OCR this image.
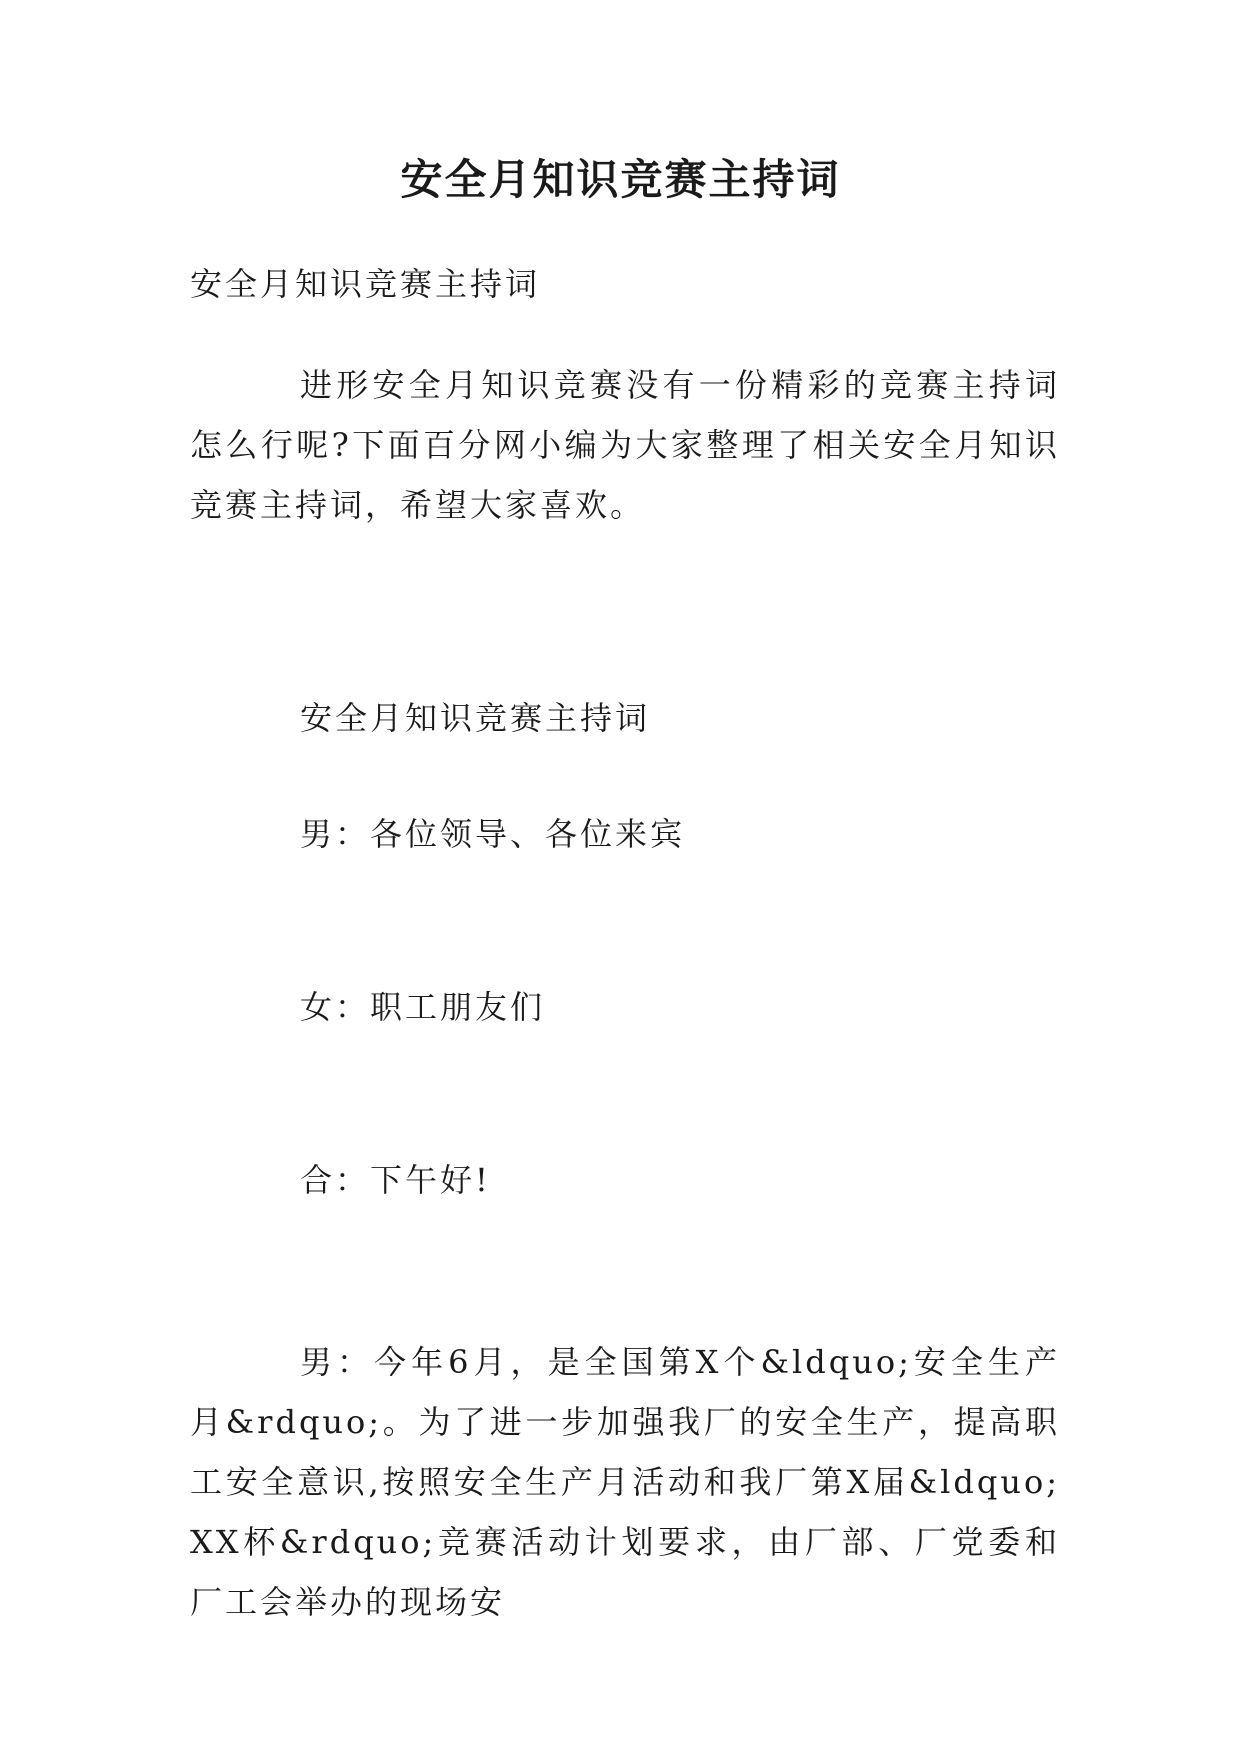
安全月知识竞赛主持词

安全月知识竞赛主持词

进形安全月知识竞赛没有一份精彩的竞赛主持词怎么行呢?下面百分网小编为大家整理了相关安全月知识竞赛主持词，希望大家喜欢。

安全月知识竞赛主持词

男：各位领导、各位来宾

女：职工朋友们

合：下午好!

男：今年6月，是全国第X个&ldquo;安全生产月&rdquo;。为了进一步加强我厂的安全生产，提高职工安全意识,按照安全生产月活动和我厂第X届&ldquo;XX杯&rdquo;竞赛活动计划要求，由厂部、厂党委和厂工会举办的现场安
